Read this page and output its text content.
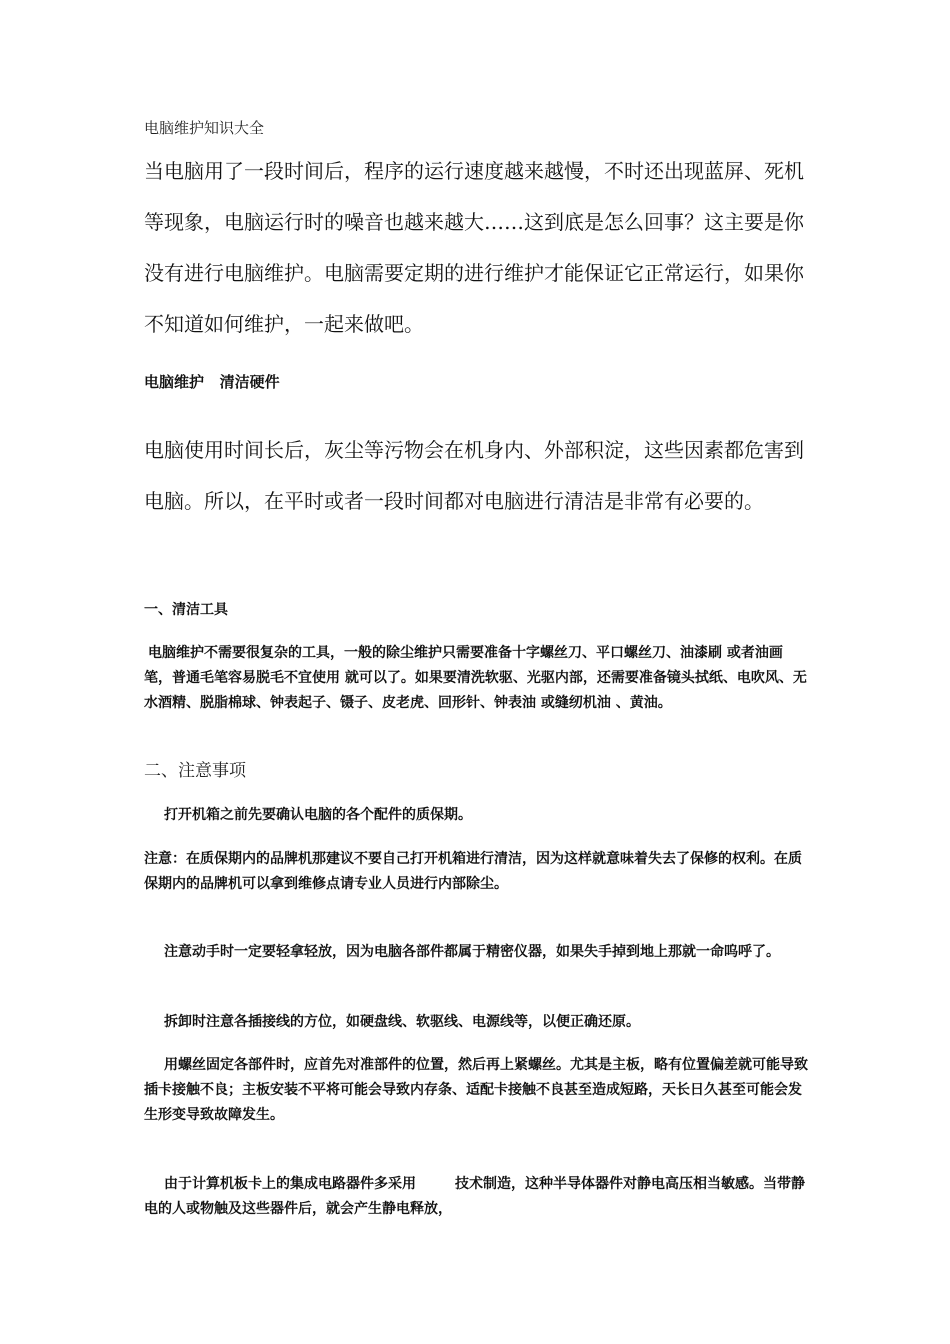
电脑维护知识大全

当电脑用了一段时间后，程序的运行速度越来越慢，不时还出现蓝屏、死机等现象，电脑运行时的噪音也越来越大……这到底是怎么回事？这主要是你没有进行电脑维护。电脑需要定期的进行维护才能保证它正常运行，如果你不知道如何维护，一起来做吧。

电脑维护   清洁硬件

电脑使用时间长后，灰尘等污物会在机身内、外部积淀，这些因素都危害到电脑。所以，在平时或者一段时间都对电脑进行清洁是非常有必要的。

一、清洁工具

电脑维护不需要很复杂的工具，一般的除尘维护只需要准备十字螺丝刀、平口螺丝刀、油漆刷 或者油画笔，普通毛笔容易脱毛不宜使用 就可以了。如果要清洗软驱、光驱内部，还需要准备镜头拭纸、电吹风、无水酒精、脱脂棉球、钟表起子、镊子、皮老虎、回形针、钟表油 或缝纫机油 、黄油。

二、注意事项

打开机箱之前先要确认电脑的各个配件的质保期。

注意：在质保期内的品牌机那建议不要自己打开机箱进行清洁，因为这样就意味着失去了保修的权利。在质保期内的品牌机可以拿到维修点请专业人员进行内部除尘。

注意动手时一定要轻拿轻放，因为电脑各部件都属于精密仪器，如果失手掉到地上那就一命呜呼了。

拆卸时注意各插接线的方位，如硬盘线、软驱线、电源线等，以便正确还原。

用螺丝固定各部件时，应首先对准部件的位置，然后再上紧螺丝。尤其是主板，略有位置偏差就可能导致插卡接触不良；主板安装不平将可能会导致内存条、适配卡接触不良甚至造成短路，天长日久甚至可能会发生形变导致故障发生。

由于计算机板卡上的集成电路器件多采用        技术制造，这种半导体器件对静电高压相当敏感。当带静电的人或物触及这些器件后，就会产生静电释放，
